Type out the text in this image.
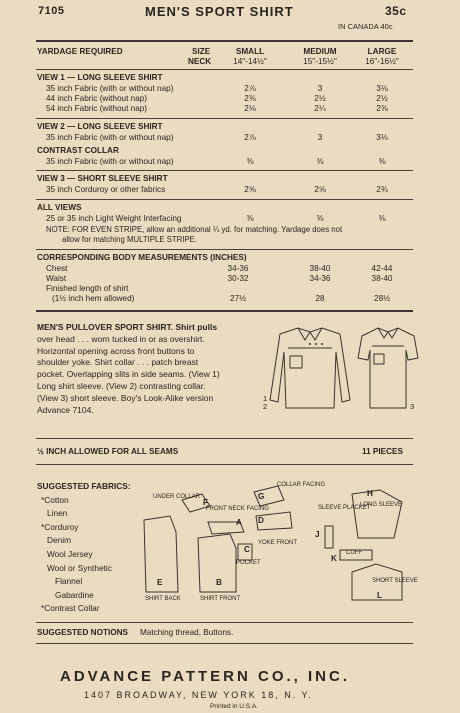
7105	MEN'S SPORT SHIRT	35c
IN CANADA 40c
YARDAGE REQUIRED	SIZE
NECK
SMALL	MEDIUM	LARGE
14"-14½"	15"-15½"	16"-16½"
VIEW 1 — LONG SLEEVE SHIRT
35 inch Fabric (with or without nap)	2⅞	3	3⅛
44 inch Fabric (without nap)	2⅜	2½	2½
54 inch Fabric (without nap)	2⅛	2¼	2⅜
VIEW 2 — LONG SLEEVE SHIRT
35 inch Fabric (with or without nap)	2⅞	3	3⅛
CONTRAST COLLAR
35 inch Fabric (with or without nap)	⅜	⅜	⅜
VIEW 3 — SHORT SLEEVE SHIRT
35 inch Corduroy or other fabrics	2⅝	2⅝	2¾
ALL VIEWS
25 or 35 inch Light Weight Interfacing	⅜	⅜	⅜
NOTE: FOR EVEN STRIPE, allow an additional ¼ yd. for matching. Yardage does not
allow for matching MULTIPLE STRIPE.
CORRESPONDING BODY MEASUREMENTS (INCHES)
Chest	34-36	38-40	42-44
Waist	30-32	34-36	38-40
Finished length of shirt
(1½ inch hem allowed)	27½	28	28½
MEN'S PULLOVER SPORT SHIRT. Shirt pulls
over head . . . worn tucked in or as overshirt.
Horizontal opening across front buttons to
shoulder yoke. Shirt collar . . . patch breast
pocket. Overlapping slits in side seams. (View 1)
Long shirt sleeve. (View 2) contrasting collar.
(View 3) short sleeve. Boy's Look-Alike version
Advance 7104.
1
2	3
½ INCH ALLOWED FOR ALL SEAMS	11 PIECES
SUGGESTED FABRICS:
*Cotton
Linen
*Corduroy
Denim
Wool Jersey
Wool or Synthetic
Flannel
Gabardine
*Contrast Collar
UNDER COLLAR
F
FRONT NECK FACING
A
COLLAR FACING
G
D
YOKE FRONT
H
LONG SLEEVE
SLEEVE PLACKET
J
C
POCKET
CUFF
K
E
SHIRT BACK
B
SHIRT FRONT
SHORT SLEEVE
L
SUGGESTED NOTIONS Matching thread, Buttons.
ADVANCE PATTERN CO., INC.
1407 BROADWAY, NEW YORK 18, N. Y.
Printed in U.S.A.
